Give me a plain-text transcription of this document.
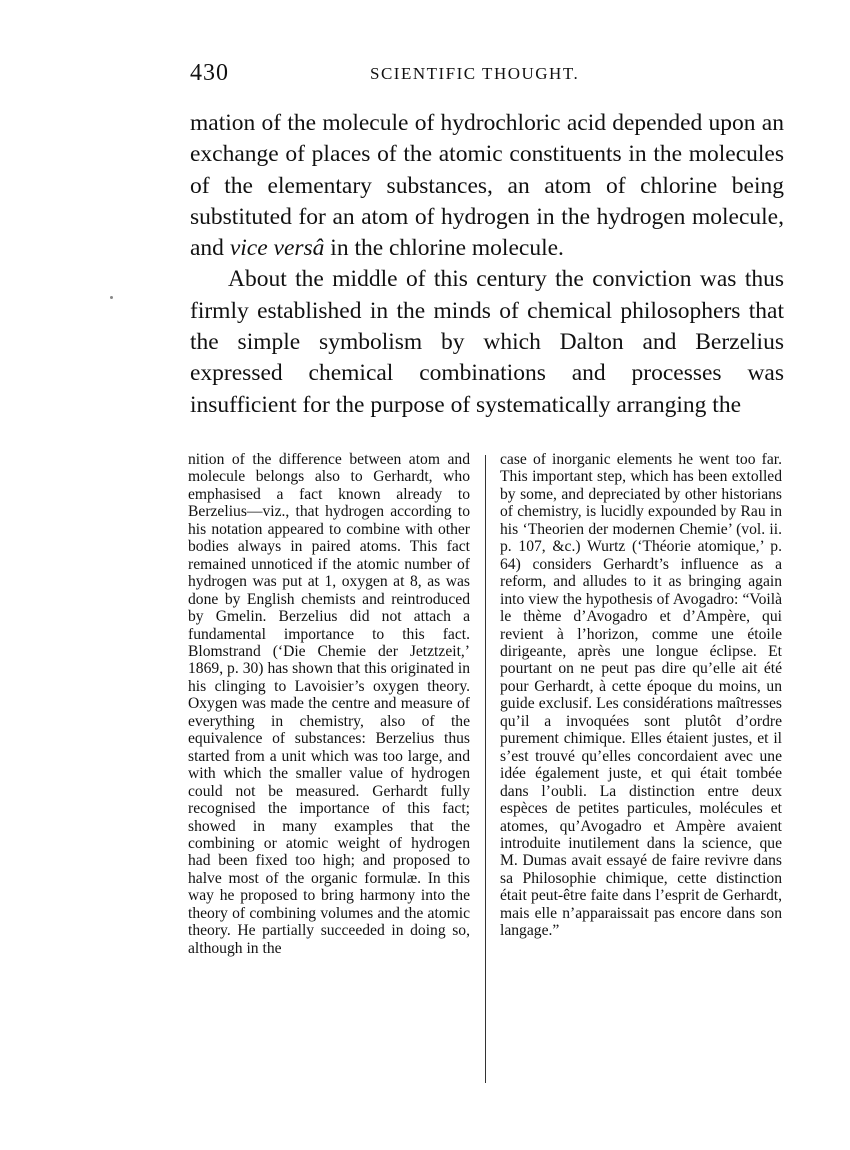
430	SCIENTIFIC THOUGHT.

mation of the molecule of hydrochloric acid depended upon an exchange of places of the atomic constituents in the molecules of the elementary substances, an atom of chlorine being substituted for an atom of hydrogen in the hydrogen molecule, and vice versâ in the chlorine molecule.

About the middle of this century the conviction was thus firmly established in the minds of chemical philosophers that the simple symbolism by which Dalton and Berzelius expressed chemical combinations and processes was insufficient for the purpose of systematically arranging the

nition of the difference between atom and molecule belongs also to Gerhardt, who emphasised a fact known already to Berzelius—viz., that hydrogen according to his notation appeared to combine with other bodies always in paired atoms. This fact remained unnoticed if the atomic number of hydrogen was put at 1, oxygen at 8, as was done by English chemists and reintroduced by Gmelin. Berzelius did not attach a fundamental importance to this fact. Blomstrand (‘Die Chemie der Jetztzeit,’ 1869, p. 30) has shown that this originated in his clinging to Lavoisier’s oxygen theory. Oxygen was made the centre and measure of everything in chemistry, also of the equivalence of substances: Berzelius thus started from a unit which was too large, and with which the smaller value of hydrogen could not be measured. Gerhardt fully recognised the importance of this fact; showed in many examples that the combining or atomic weight of hydrogen had been fixed too high; and proposed to halve most of the organic formulæ. In this way he proposed to bring harmony into the theory of combining volumes and the atomic theory. He partially succeeded in doing so, although in the
case of inorganic elements he went too far. This important step, which has been extolled by some, and depreciated by other historians of chemistry, is lucidly expounded by Rau in his ‘Theorien der modernen Chemie’ (vol. ii. p. 107, &c.) Wurtz (‘Théorie atomique,’ p. 64) considers Gerhardt’s influence as a reform, and alludes to it as bringing again into view the hypothesis of Avogadro: “Voilà le thème d’Avogadro et d’Ampère, qui revient à l’horizon, comme une étoile dirigeante, après une longue éclipse. Et pourtant on ne peut pas dire qu’elle ait été pour Gerhardt, à cette époque du moins, un guide exclusif. Les considérations maîtresses qu’il a invoquées sont plutôt d’ordre purement chimique. Elles étaient justes, et il s’est trouvé qu’elles concordaient avec une idée également juste, et qui était tombée dans l’oubli. La distinction entre deux espèces de petites particules, molécules et atomes, qu’Avogadro et Ampère avaient introduite inutilement dans la science, que M. Dumas avait essayé de faire revivre dans sa Philosophie chimique, cette distinction était peut-être faite dans l’esprit de Gerhardt, mais elle n’apparaissait pas encore dans son langage.”
